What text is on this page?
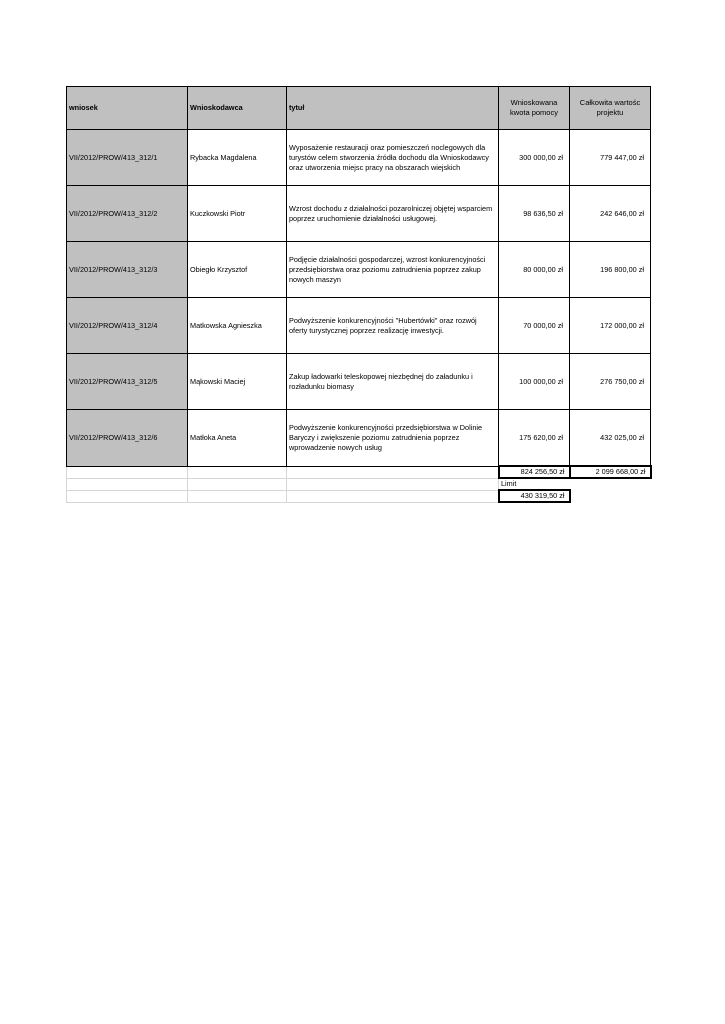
wniosek	Wnioskodawca	tytuł	Wnioskowana kwota pomocy	Całkowita wartośc projektu
VII/2012/PROW/413_312/1	Rybacka Magdalena	Wyposażenie restauracji oraz pomieszczeń noclegowych dla turystów celem stworzenia źródła dochodu dla Wnioskodawcy oraz utworzenia miejsc pracy na obszarach wiejskich	300 000,00 zł	779 447,00 zł
VII/2012/PROW/413_312/2	Kuczkowski Piotr	Wzrost dochodu z działalności pozarolniczej objętej wsparciem poprzez uruchomienie działalności usługowej.	98 636,50 zł	242 646,00 zł
VII/2012/PROW/413_312/3	Obiegło Krzysztof	Podjęcie działalności gospodarczej, wzrost konkurencyjności przedsiębiorstwa oraz poziomu zatrudnienia poprzez zakup nowych maszyn	80 000,00 zł	196 800,00 zł
VII/2012/PROW/413_312/4	Matkowska Agnieszka	Podwyższenie konkurencyjności "Hubertówki" oraz rozwój oferty turystycznej poprzez realizację inwestycji.	70 000,00 zł	172 000,00 zł
VII/2012/PROW/413_312/5	Mąkowski Maciej	Zakup ładowarki teleskopowej niezbędnej do załadunku i rozładunku biomasy	100 000,00 zł	276 750,00 zł
VII/2012/PROW/413_312/6	Matłoka Aneta	Podwyższenie konkurencyjności przedsiębiorstwa w Dolinie Baryczy i zwiększenie poziomu zatrudnienia poprzez wprowadzenie nowych usług	175 620,00 zł	432 025,00 zł
			824 256,50 zł	2 099 668,00 zł
			Limit	
			430 319,50 zł	
